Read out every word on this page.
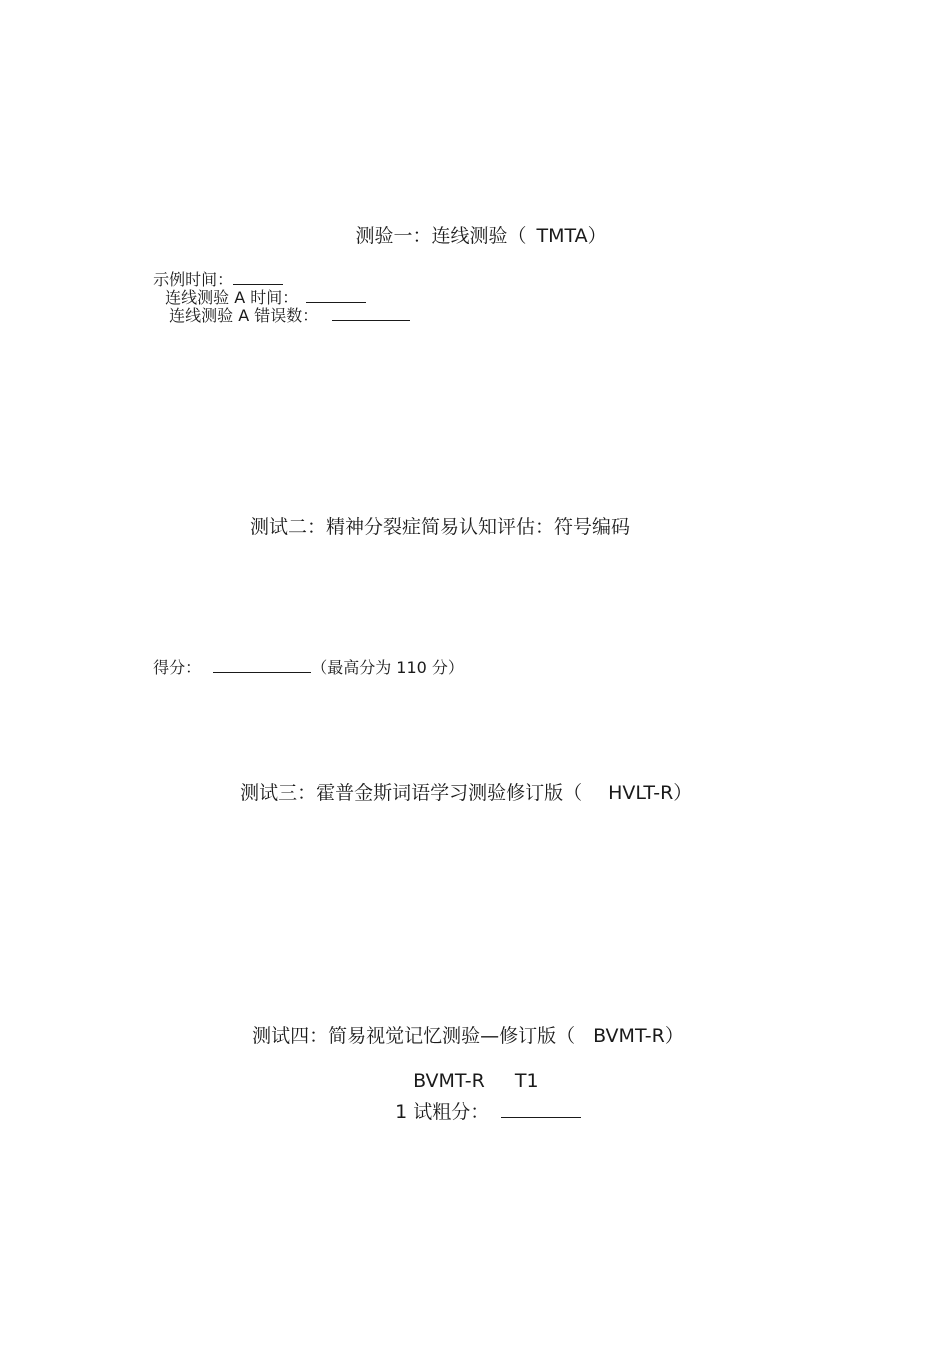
测验一：连线测验（ TMTA）

示例时间：
连线测验 A 时间：
连线测验 A 错误数：

测试二：精神分裂症简易认知评估：符号编码

得分：	（最高分为 110 分）

测试三：霍普金斯词语学习测验修订版（ HVLT-R）

测试四：简易视觉记忆测验—修订版（ BVMT-R）

BVMT-R T1

1 试粗分：
